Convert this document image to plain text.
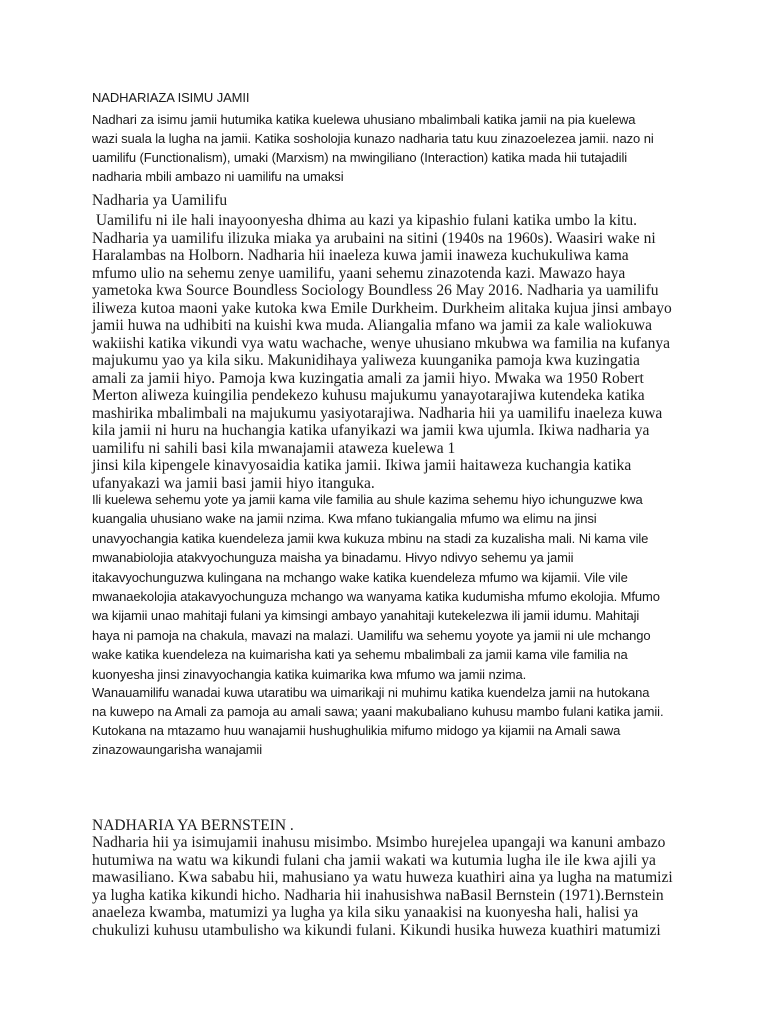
NADHARIAZA ISIMU JAMII
Nadhari za isimu jamii hutumika katika kuelewa uhusiano mbalimbali katika jamii na pia kuelewa
wazi suala la lugha na jamii. Katika sosholojia kunazo nadharia tatu kuu zinazoelezea jamii. nazo ni
uamilifu (Functionalism), umaki (Marxism) na mwingiliano (Interaction) katika mada hii tutajadili
nadharia mbili ambazo ni uamilifu na umaksi
Nadharia ya Uamilifu
Uamilifu ni ile hali inayoonyesha dhima au kazi ya kipashio fulani katika umbo la kitu.
Nadharia ya uamilifu ilizuka miaka ya arubaini na sitini (1940s na 1960s). Waasiri wake ni
Haralambas na Holborn. Nadharia hii inaeleza kuwa jamii inaweza kuchukuliwa kama
mfumo ulio na sehemu zenye uamilifu, yaani sehemu zinazotenda kazi. Mawazo haya
yametoka kwa Source Boundless Sociology Boundless 26 May 2016. Nadharia ya uamilifu
iliweza kutoa maoni yake kutoka kwa Emile Durkheim. Durkheim alitaka kujua jinsi ambayo
jamii huwa na udhibiti na kuishi kwa muda. Aliangalia mfano wa jamii za kale waliokuwa
wakiishi katika vikundi vya watu wachache, wenye uhusiano mkubwa wa familia na kufanya
majukumu yao ya kila siku. Makunidihaya yaliweza kuunganika pamoja kwa kuzingatia
amali za jamii hiyo. Pamoja kwa kuzingatia amali za jamii hiyo. Mwaka wa 1950 Robert
Merton aliweza kuingilia pendekezo kuhusu majukumu yanayotarajiwa kutendeka katika
mashirika mbalimbali na majukumu yasiyotarajiwa. Nadharia hii ya uamilifu inaeleza kuwa
kila jamii ni huru na huchangia katika ufanyikazi wa jamii kwa ujumla. Ikiwa nadharia ya
uamilifu ni sahili basi kila mwanajamii ataweza kuelewa 1
jinsi kila kipengele kinavyosaidia katika jamii. Ikiwa jamii haitaweza kuchangia katika
ufanyakazi wa jamii basi jamii hiyo itanguka.
Ili kuelewa sehemu yote ya jamii kama vile familia au shule kazima sehemu hiyo ichunguzwe kwa
kuangalia uhusiano wake na jamii nzima. Kwa mfano tukiangalia mfumo wa elimu na jinsi
unavyochangia katika kuendeleza jamii kwa kukuza mbinu na stadi za kuzalisha mali. Ni kama vile
mwanabiolojia atakvyochunguza maisha ya binadamu. Hivyo ndivyo sehemu ya jamii
itakavyochunguzwa kulingana na mchango wake katika kuendeleza mfumo wa kijamii. Vile vile
mwanaekolojia atakavyochunguza mchango wa wanyama katika kudumisha mfumo ekolojia. Mfumo
wa kijamii unao mahitaji fulani ya kimsingi ambayo yanahitaji kutekelezwa ili jamii idumu. Mahitaji
haya ni pamoja na chakula, mavazi na malazi. Uamilifu wa sehemu yoyote ya jamii ni ule mchango
wake katika kuendeleza na kuimarisha kati ya sehemu mbalimbali za jamii kama vile familia na
kuonyesha jinsi zinavyochangia katika kuimarika kwa mfumo wa jamii nzima.
Wanauamilifu wanadai kuwa utaratibu wa uimarikaji ni muhimu katika kuendelza jamii na hutokana
na kuwepo na Amali za pamoja au amali sawa; yaani makubaliano kuhusu mambo fulani katika jamii.
Kutokana na mtazamo huu wanajamii hushughulikia mifumo midogo ya kijamii na Amali sawa
zinazowaungarisha wanajamii
NADHARIA YA BERNSTEIN .
Nadharia hii ya isimujamii inahusu misimbo. Msimbo hurejelea upangaji wa kanuni ambazo
hutumiwa na watu wa kikundi fulani cha jamii wakati wa kutumia lugha ile ile kwa ajili ya
mawasiliano. Kwa sababu hii, mahusiano ya watu huweza kuathiri aina ya lugha na matumizi
ya lugha katika kikundi hicho. Nadharia hii inahusishwa naBasil Bernstein (1971).Bernstein
anaeleza kwamba, matumizi ya lugha ya kila siku yanaakisi na kuonyesha hali, halisi ya
chukulizi kuhusu utambulisho wa kikundi fulani. Kikundi husika huweza kuathiri matumizi
